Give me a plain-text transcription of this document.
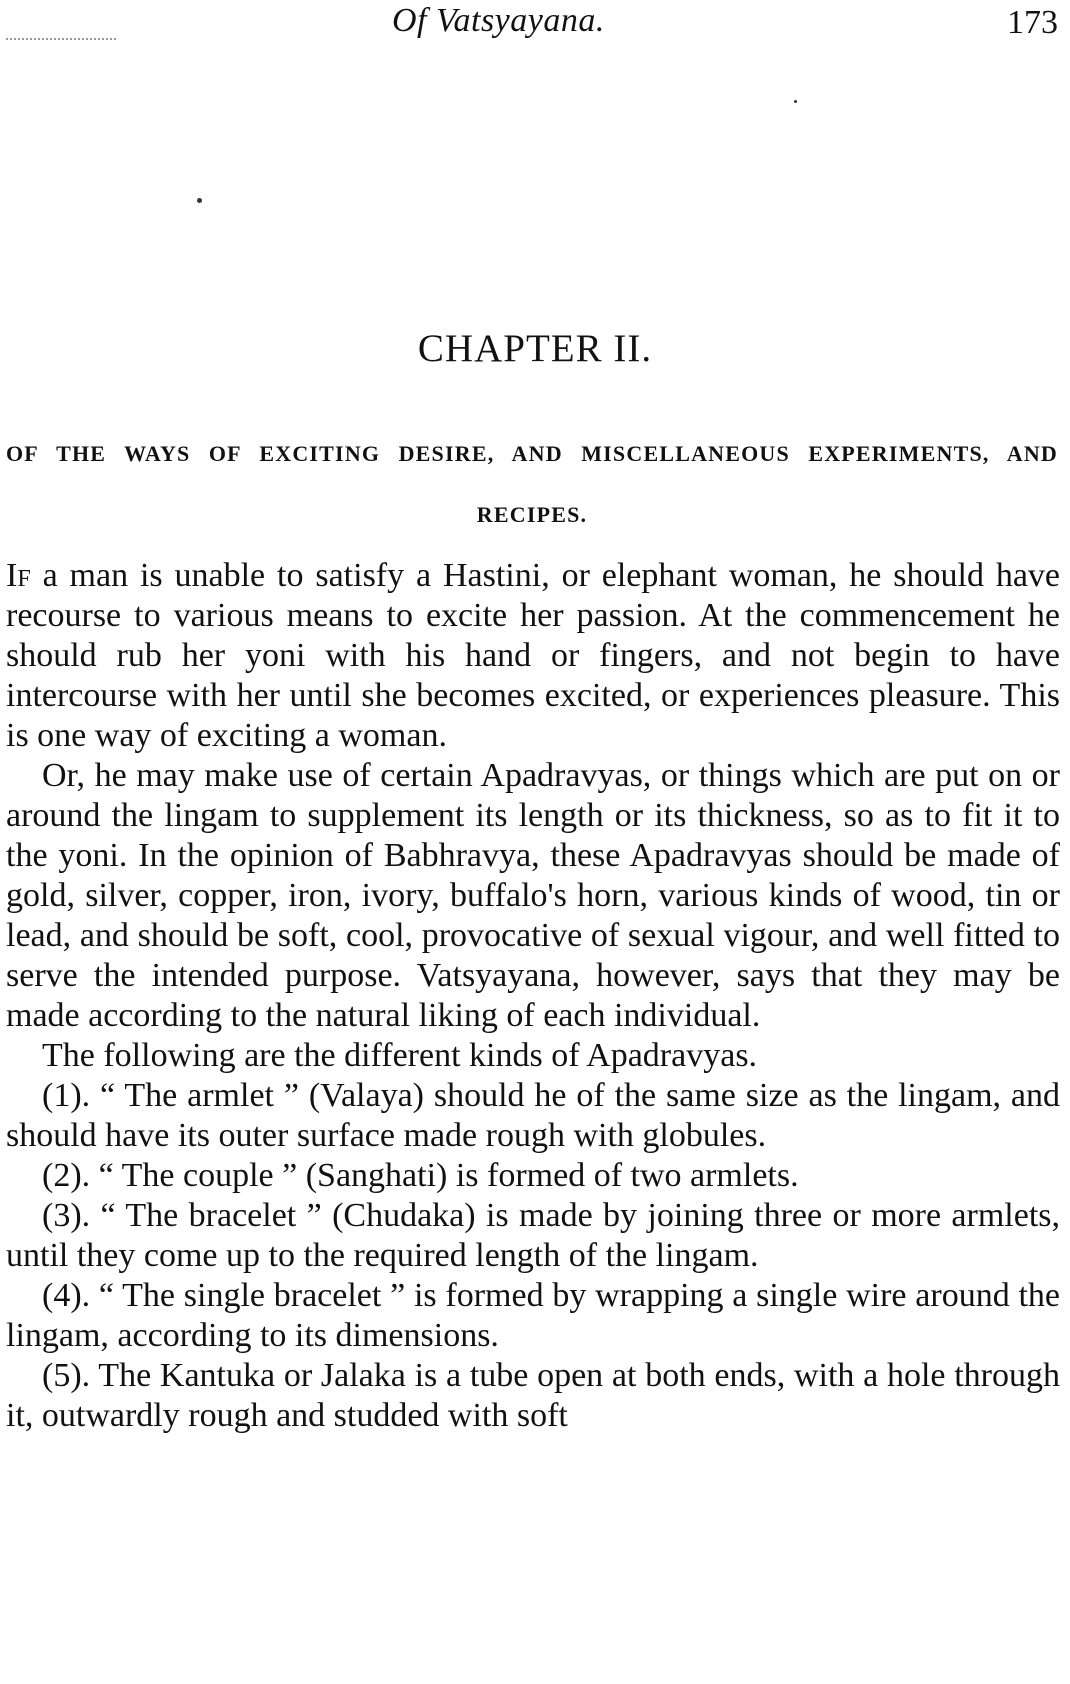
Of Vatsyayana.	173
CHAPTER II.
OF THE WAYS OF EXCITING DESIRE, AND MISCELLANEOUS EXPERIMENTS, AND RECIPES.

If a man is unable to satisfy a Hastini, or elephant woman, he should have recourse to various means to excite her passion. At the commencement he should rub her yoni with his hand or fingers, and not begin to have intercourse with her until she becomes excited, or experiences pleasure. This is one way of exciting a woman.

Or, he may make use of certain Apadravyas, or things which are put on or around the lingam to supplement its length or its thickness, so as to fit it to the yoni. In the opinion of Babhravya, these Apadravyas should be made of gold, silver, copper, iron, ivory, buffalo's horn, various kinds of wood, tin or lead, and should be soft, cool, provocative of sexual vigour, and well fitted to serve the intended purpose. Vatsyayana, however, says that they may be made according to the natural liking of each individual.

The following are the different kinds of Apadravyas.

(1). “ The armlet ” (Valaya) should he of the same size as the lingam, and should have its outer surface made rough with globules.

(2). “ The couple ” (Sanghati) is formed of two armlets.

(3). “ The bracelet ” (Chudaka) is made by joining three or more armlets, until they come up to the required length of the lingam.

(4). “ The single bracelet ” is formed by wrapping a single wire around the lingam, according to its dimensions.

(5). The Kantuka or Jalaka is a tube open at both ends, with a hole through it, outwardly rough and studded with soft
